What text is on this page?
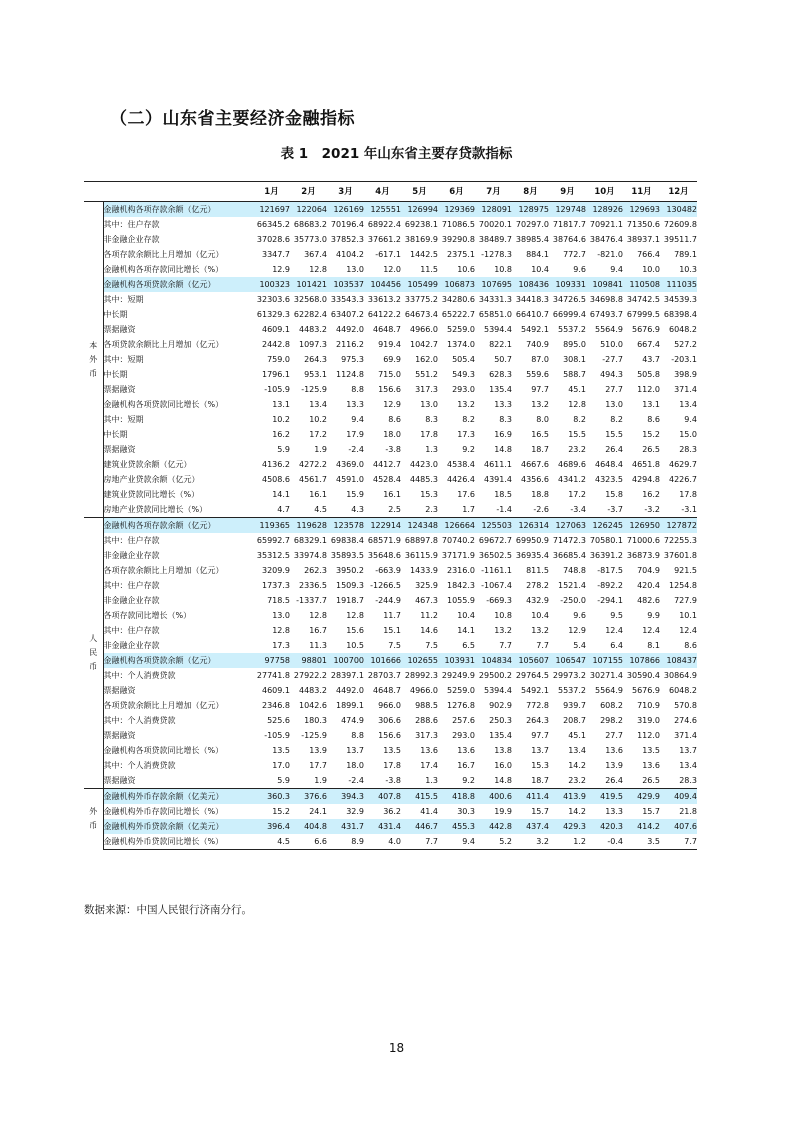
（二）山东省主要经济金融指标
表 1　2021 年山东省主要存贷款指标
		1月	2月	3月	4月	5月	6月	7月	8月	9月	10月	11月	12月
本
外
币	金融机构各项存款余额（亿元）	121697	122064	126169	125551	126994	129369	128091	128975	129748	128926	129693	130482
	其中：住户存款	66345.2	68683.2	70196.4	68922.4	69238.1	71086.5	70020.1	70297.0	71817.7	70921.1	71350.6	72609.8
	非金融企业存款	37028.6	35773.0	37852.3	37661.2	38169.9	39290.8	38489.7	38985.4	38764.6	38476.4	38937.1	39511.7
	各项存款余额比上月增加（亿元）	3347.7	367.4	4104.2	-617.1	1442.5	2375.1	-1278.3	884.1	772.7	-821.0	766.4	789.1
	金融机构各项存款同比增长（%）	12.9	12.8	13.0	12.0	11.5	10.6	10.8	10.4	9.6	9.4	10.0	10.3
	金融机构各项贷款余额（亿元）	100323	101421	103537	104456	105499	106873	107695	108436	109331	109841	110508	111035
	其中：短期	32303.6	32568.0	33543.3	33613.2	33775.2	34280.6	34331.3	34418.3	34726.5	34698.8	34742.5	34539.3
	中长期	61329.3	62282.4	63407.2	64122.2	64673.4	65222.7	65851.0	66410.7	66999.4	67493.7	67999.5	68398.4
	票据融资	4609.1	4483.2	4492.0	4648.7	4966.0	5259.0	5394.4	5492.1	5537.2	5564.9	5676.9	6048.2
	各项贷款余额比上月增加（亿元）	2442.8	1097.3	2116.2	919.4	1042.7	1374.0	822.1	740.9	895.0	510.0	667.4	527.2
	其中：短期	759.0	264.3	975.3	69.9	162.0	505.4	50.7	87.0	308.1	-27.7	43.7	-203.1
	中长期	1796.1	953.1	1124.8	715.0	551.2	549.3	628.3	559.6	588.7	494.3	505.8	398.9
	票据融资	-105.9	-125.9	8.8	156.6	317.3	293.0	135.4	97.7	45.1	27.7	112.0	371.4
	金融机构各项贷款同比增长（%）	13.1	13.4	13.3	12.9	13.0	13.2	13.3	13.2	12.8	13.0	13.1	13.4
	其中：短期	10.2	10.2	9.4	8.6	8.3	8.2	8.3	8.0	8.2	8.2	8.6	9.4
	中长期	16.2	17.2	17.9	18.0	17.8	17.3	16.9	16.5	15.5	15.5	15.2	15.0
	票据融资	5.9	1.9	-2.4	-3.8	1.3	9.2	14.8	18.7	23.2	26.4	26.5	28.3
	建筑业贷款余额（亿元）	4136.2	4272.2	4369.0	4412.7	4423.0	4538.4	4611.1	4667.6	4689.6	4648.4	4651.8	4629.7
	房地产业贷款余额（亿元）	4508.6	4561.7	4591.0	4528.4	4485.3	4426.4	4391.4	4356.6	4341.2	4323.5	4294.8	4226.7
	建筑业贷款同比增长（%）	14.1	16.1	15.9	16.1	15.3	17.6	18.5	18.8	17.2	15.8	16.2	17.8
	房地产业贷款同比增长（%）	4.7	4.5	4.3	2.5	2.3	1.7	-1.4	-2.6	-3.4	-3.7	-3.2	-3.1
人
民
币	金融机构各项存款余额（亿元）	119365	119628	123578	122914	124348	126664	125503	126314	127063	126245	126950	127872
	其中：住户存款	65992.7	68329.1	69838.4	68571.9	68897.8	70740.2	69672.7	69950.9	71472.3	70580.1	71000.6	72255.3
	非金融企业存款	35312.5	33974.8	35893.5	35648.6	36115.9	37171.9	36502.5	36935.4	36685.4	36391.2	36873.9	37601.8
	各项存款余额比上月增加（亿元）	3209.9	262.3	3950.2	-663.9	1433.9	2316.0	-1161.1	811.5	748.8	-817.5	704.9	921.5
	其中：住户存款	1737.3	2336.5	1509.3	-1266.5	325.9	1842.3	-1067.4	278.2	1521.4	-892.2	420.4	1254.8
	非金融企业存款	718.5	-1337.7	1918.7	-244.9	467.3	1055.9	-669.3	432.9	-250.0	-294.1	482.6	727.9
	各项存款同比增长（%）	13.0	12.8	12.8	11.7	11.2	10.4	10.8	10.4	9.6	9.5	9.9	10.1
	其中：住户存款	12.8	16.7	15.6	15.1	14.6	14.1	13.2	13.2	12.9	12.4	12.4	12.4
	非金融企业存款	17.3	11.3	10.5	7.5	7.5	6.5	7.7	7.7	5.4	6.4	8.1	8.6
	金融机构各项贷款余额（亿元）	97758	98801	100700	101666	102655	103931	104834	105607	106547	107155	107866	108437
	其中：个人消费贷款	27741.8	27922.2	28397.1	28703.7	28992.3	29249.9	29500.2	29764.5	29973.2	30271.4	30590.4	30864.9
	票据融资	4609.1	4483.2	4492.0	4648.7	4966.0	5259.0	5394.4	5492.1	5537.2	5564.9	5676.9	6048.2
	各项贷款余额比上月增加（亿元）	2346.8	1042.6	1899.1	966.0	988.5	1276.8	902.9	772.8	939.7	608.2	710.9	570.8
	其中：个人消费贷款	525.6	180.3	474.9	306.6	288.6	257.6	250.3	264.3	208.7	298.2	319.0	274.6
	票据融资	-105.9	-125.9	8.8	156.6	317.3	293.0	135.4	97.7	45.1	27.7	112.0	371.4
	金融机构各项贷款同比增长（%）	13.5	13.9	13.7	13.5	13.6	13.6	13.8	13.7	13.4	13.6	13.5	13.7
	其中：个人消费贷款	17.0	17.7	18.0	17.8	17.4	16.7	16.0	15.3	14.2	13.9	13.6	13.4
	票据融资	5.9	1.9	-2.4	-3.8	1.3	9.2	14.8	18.7	23.2	26.4	26.5	28.3
外
币	金融机构外币存款余额（亿美元）	360.3	376.6	394.3	407.8	415.5	418.8	400.6	411.4	413.9	419.5	429.9	409.4
	金融机构外币存款同比增长（%）	15.2	24.1	32.9	36.2	41.4	30.3	19.9	15.7	14.2	13.3	15.7	21.8
	金融机构外币贷款余额（亿美元）	396.4	404.8	431.7	431.4	446.7	455.3	442.8	437.4	429.3	420.3	414.2	407.6
	金融机构外币贷款同比增长（%）	4.5	6.6	8.9	4.0	7.7	9.4	5.2	3.2	1.2	-0.4	3.5	7.7
数据来源：中国人民银行济南分行。
18
